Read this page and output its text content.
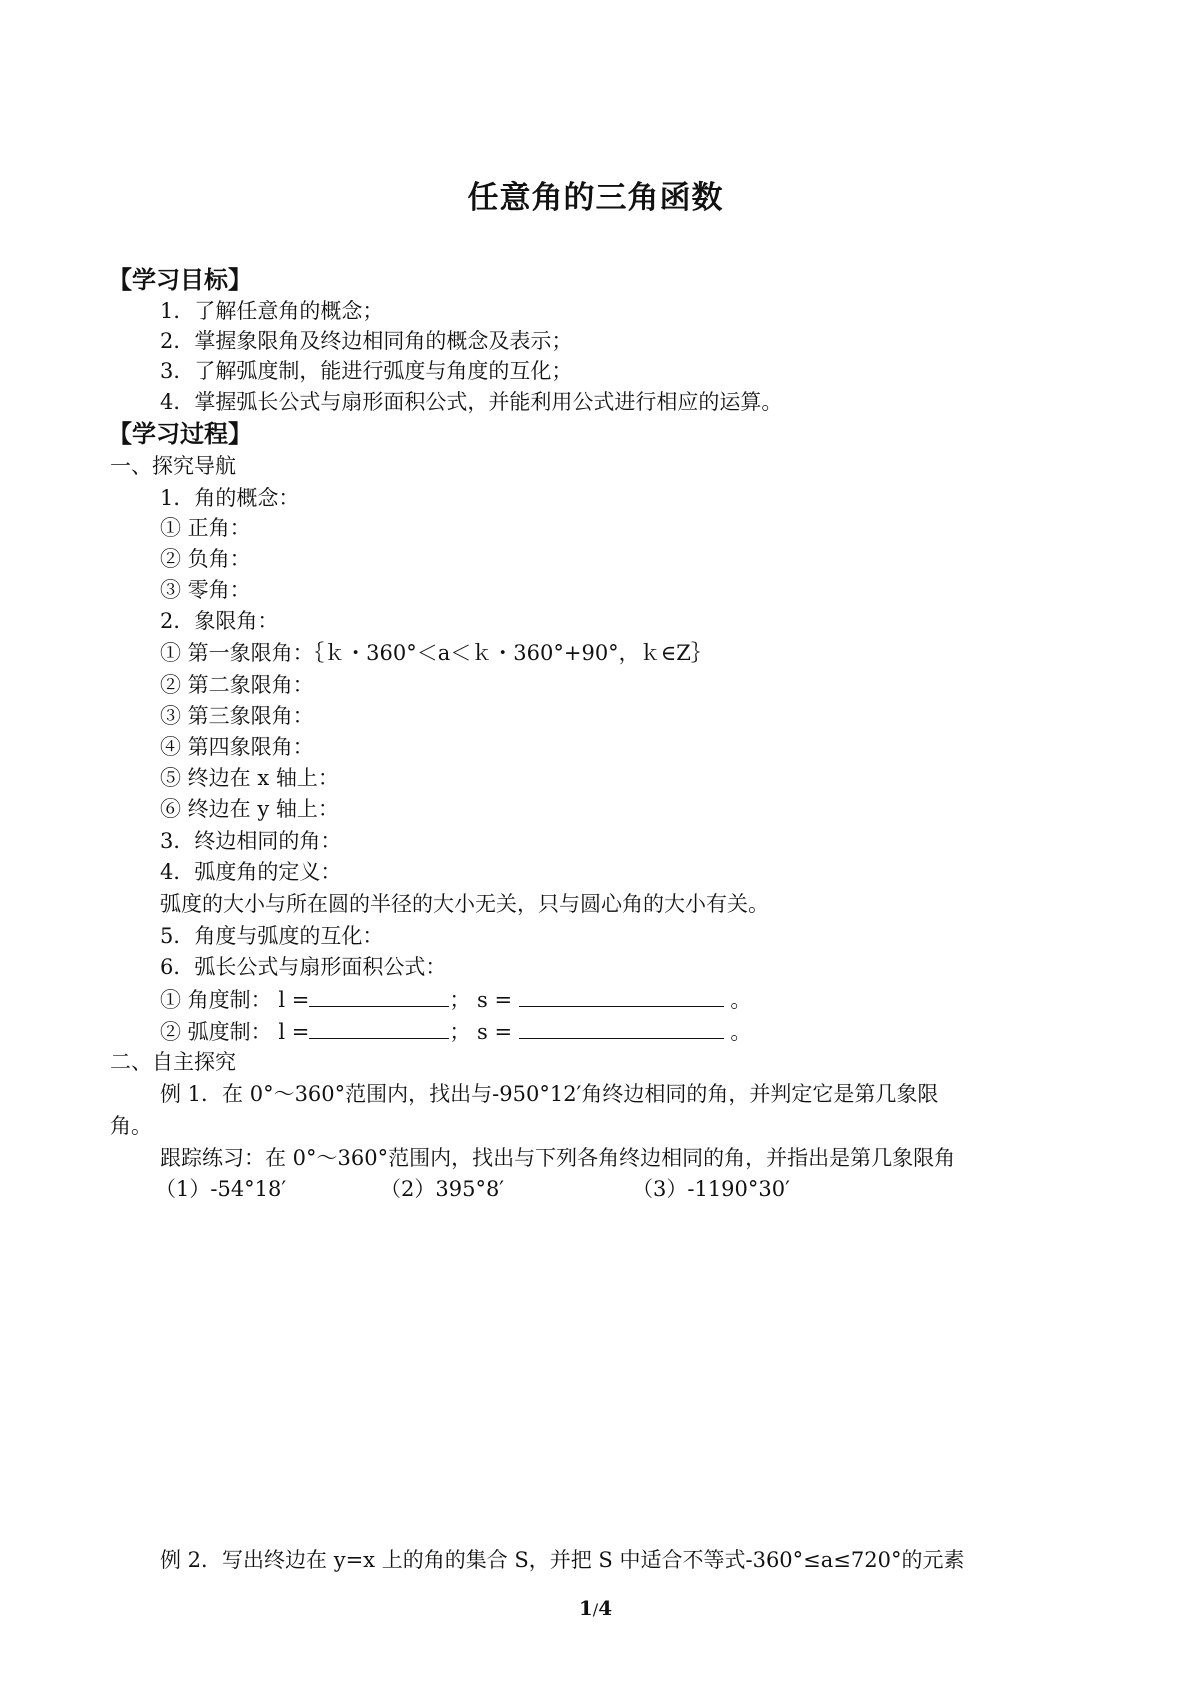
任意角的三角函数
【学习目标】
1．了解任意角的概念；
2．掌握象限角及终边相同角的概念及表示；
3．了解弧度制，能进行弧度与角度的互化；
4．掌握弧长公式与扇形面积公式，并能利用公式进行相应的运算。
【学习过程】
一、探究导航
1．角的概念：
① 正角：
② 负角：
③ 零角：
2．象限角：
① 第一象限角：｛ｋ・360°＜a＜ｋ・360°+90°，ｋ∈Z｝
② 第二象限角：
③ 第三象限角：
④ 第四象限角：
⑤ 终边在 x 轴上：
⑥ 终边在 y 轴上：
3．终边相同的角：
4．弧度角的定义：
弧度的大小与所在圆的半径的大小无关，只与圆心角的大小有关。
5．角度与弧度的互化：
6．弧长公式与扇形面积公式：
① 角度制： l =	； s =	。
② 弧度制： l =	； s =	。
二、自主探究
例 1．在 0°～360°范围内，找出与-950°12′角终边相同的角，并判定它是第几象限
角。
跟踪练习：在 0°～360°范围内，找出与下列各角终边相同的角，并指出是第几象限角
（1）-54°18′	（2）395°8′	（3）-1190°30′
例 2．写出终边在 y=x 上的角的集合 S，并把 S 中适合不等式-360°≤a≤720°的元素
1/4
